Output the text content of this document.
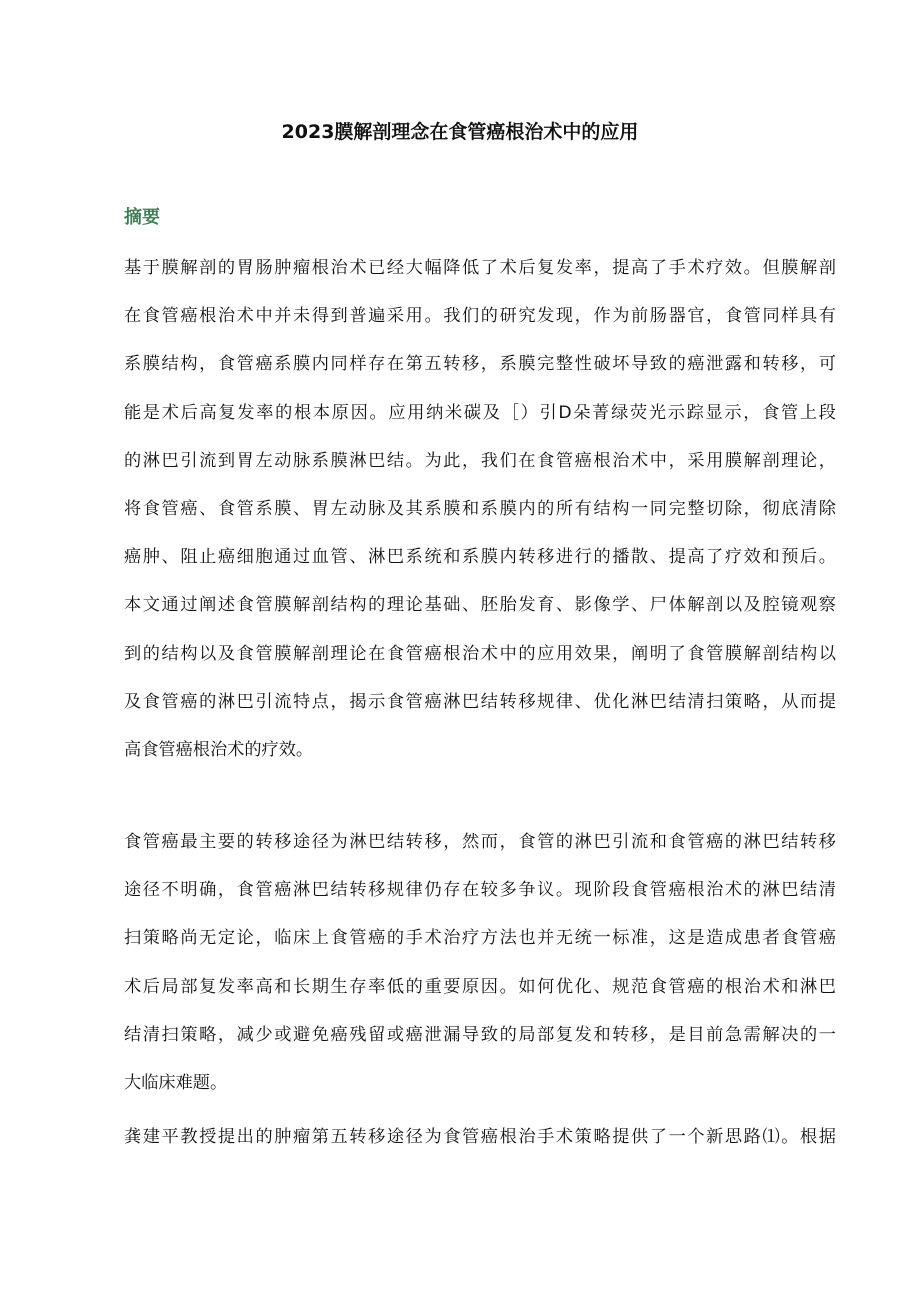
2023膜解剖理念在食管癌根治术中的应用
摘要
基于膜解剖的胃肠肿瘤根治术已经大幅降低了术后复发率，提高了手术疗效。但膜解剖
在食管癌根治术中并未得到普遍采用。我们的研究发现，作为前肠器官，食管同样具有
系膜结构，食管癌系膜内同样存在第五转移，系膜完整性破坏导致的癌泄露和转移，可
能是术后高复发率的根本原因。应用纳米碳及［）引D朵菁绿荧光示踪显示，食管上段
的淋巴引流到胃左动脉系膜淋巴结。为此，我们在食管癌根治术中，采用膜解剖理论，
将食管癌、食管系膜、胃左动脉及其系膜和系膜内的所有结构一同完整切除，彻底清除
癌肿、阻止癌细胞通过血管、淋巴系统和系膜内转移进行的播散、提高了疗效和预后。
本文通过阐述食管膜解剖结构的理论基础、胚胎发育、影像学、尸体解剖以及腔镜观察
到的结构以及食管膜解剖理论在食管癌根治术中的应用效果，阐明了食管膜解剖结构以
及食管癌的淋巴引流特点，揭示食管癌淋巴结转移规律、优化淋巴结清扫策略，从而提
高食管癌根治术的疗效。
食管癌最主要的转移途径为淋巴结转移，然而，食管的淋巴引流和食管癌的淋巴结转移
途径不明确，食管癌淋巴结转移规律仍存在较多争议。现阶段食管癌根治术的淋巴结清
扫策略尚无定论，临床上食管癌的手术治疗方法也并无统一标准，这是造成患者食管癌
术后局部复发率高和长期生存率低的重要原因。如何优化、规范食管癌的根治术和淋巴
结清扫策略，减少或避免癌残留或癌泄漏导致的局部复发和转移，是目前急需解决的一
大临床难题。
龚建平教授提出的肿瘤第五转移途径为食管癌根治手术策略提供了一个新思路⑴。根据
